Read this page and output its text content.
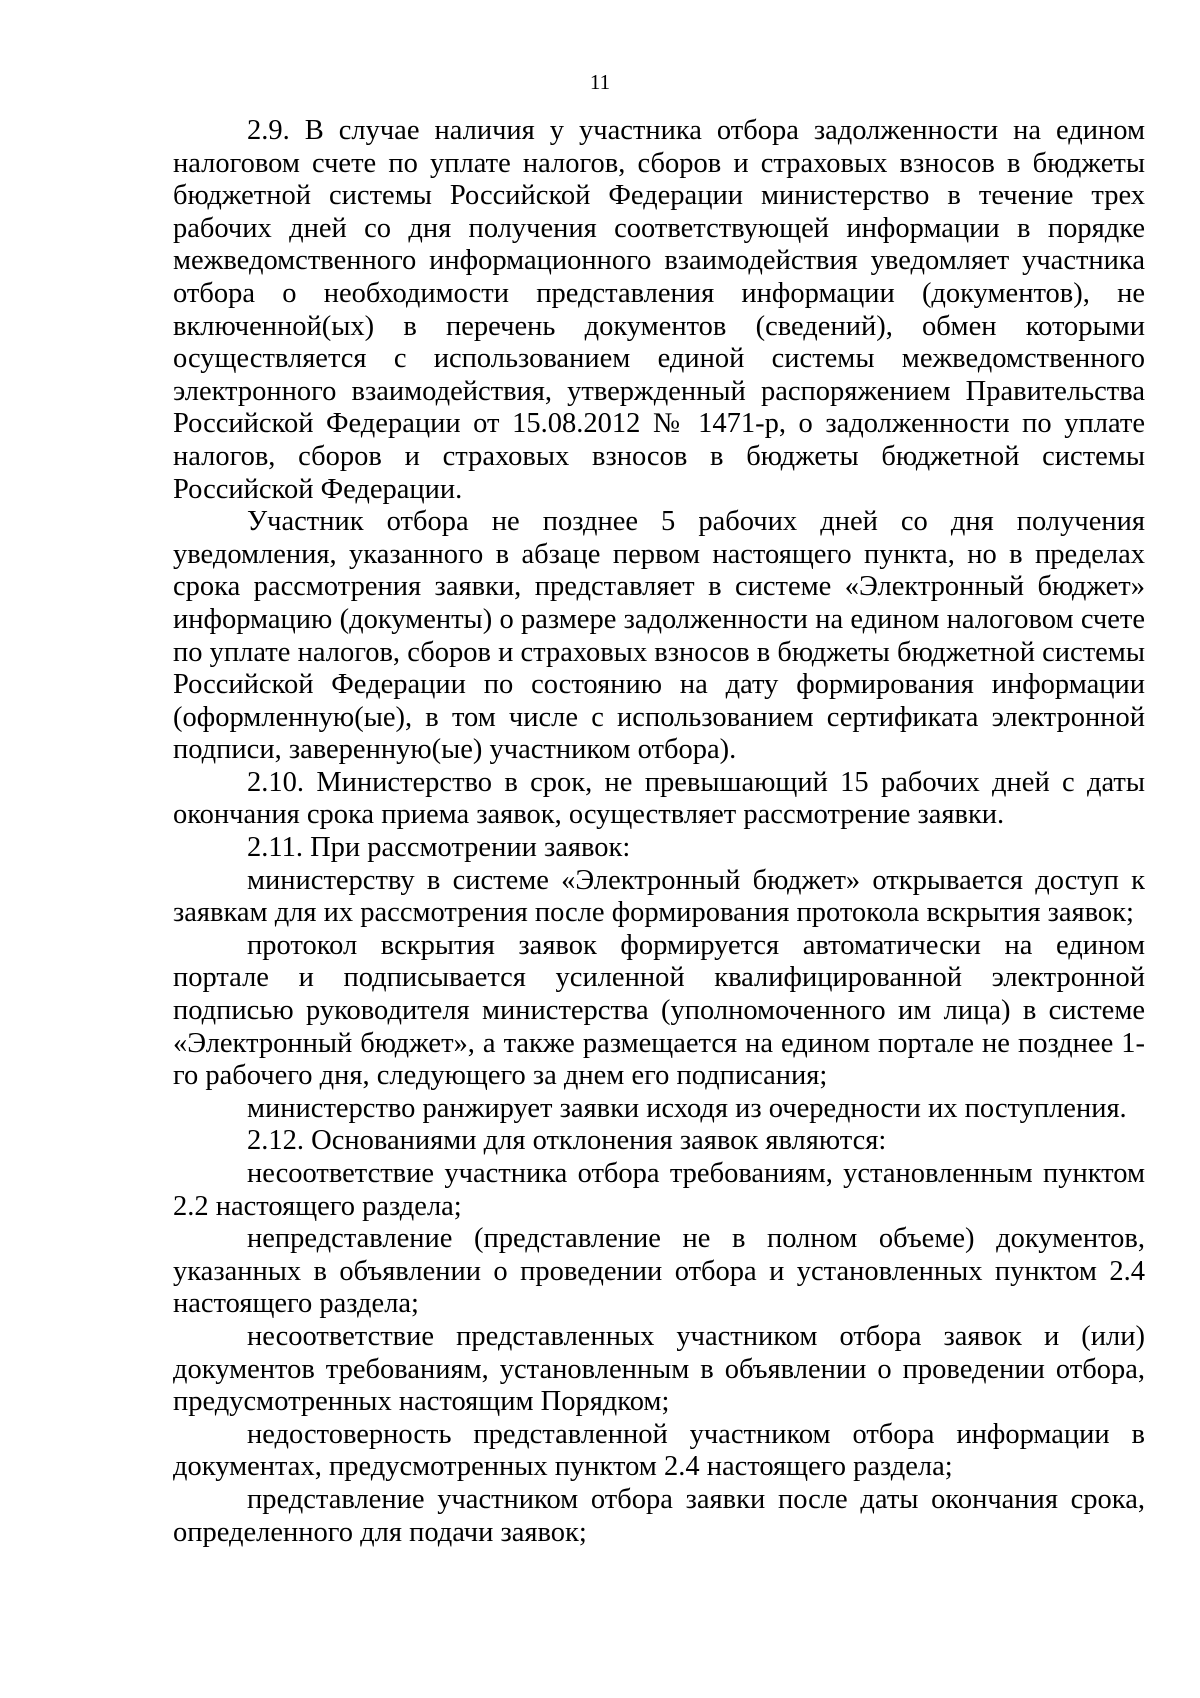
11

2.9. В случае наличия у участника отбора задолженности на едином налоговом счете по уплате налогов, сборов и страховых взносов в бюджеты бюджетной системы Российской Федерации министерство в течение трех рабочих дней со дня получения соответствующей информации в порядке межведомственного информационного взаимодействия уведомляет участника отбора о необходимости представления информации (документов), не включенной(ых) в перечень документов (сведений), обмен которыми осуществляется с использованием единой системы межведомственного электронного взаимодействия, утвержденный распоряжением Правительства Российской Федерации от 15.08.2012 № 1471-р, о задолженности по уплате налогов, сборов и страховых взносов в бюджеты бюджетной системы Российской Федерации.

Участник отбора не позднее 5 рабочих дней со дня получения уведомления, указанного в абзаце первом настоящего пункта, но в пределах срока рассмотрения заявки, представляет в системе «Электронный бюджет» информацию (документы) о размере задолженности на едином налоговом счете по уплате налогов, сборов и страховых взносов в бюджеты бюджетной системы Российской Федерации по состоянию на дату формирования информации (оформленную(ые), в том числе с использованием сертификата электронной подписи, заверенную(ые) участником отбора).

2.10. Министерство в срок, не превышающий 15 рабочих дней с даты окончания срока приема заявок, осуществляет рассмотрение заявки.

2.11. При рассмотрении заявок:

министерству в системе «Электронный бюджет» открывается доступ к заявкам для их рассмотрения после формирования протокола вскрытия заявок;

протокол вскрытия заявок формируется автоматически на едином портале и подписывается усиленной квалифицированной электронной подписью руководителя министерства (уполномоченного им лица) в системе «Электронный бюджет», а также размещается на едином портале не позднее 1-го рабочего дня, следующего за днем его подписания;

министерство ранжирует заявки исходя из очередности их поступления.

2.12. Основаниями для отклонения заявок являются:

несоответствие участника отбора требованиям, установленным пунктом 2.2 настоящего раздела;

непредставление (представление не в полном объеме) документов, указанных в объявлении о проведении отбора и установленных пунктом 2.4 настоящего раздела;

несоответствие представленных участником отбора заявок и (или) документов требованиям, установленным в объявлении о проведении отбора, предусмотренных настоящим Порядком;

недостоверность представленной участником отбора информации в документах, предусмотренных пунктом 2.4 настоящего раздела;

представление участником отбора заявки после даты окончания срока, определенного для подачи заявок;
